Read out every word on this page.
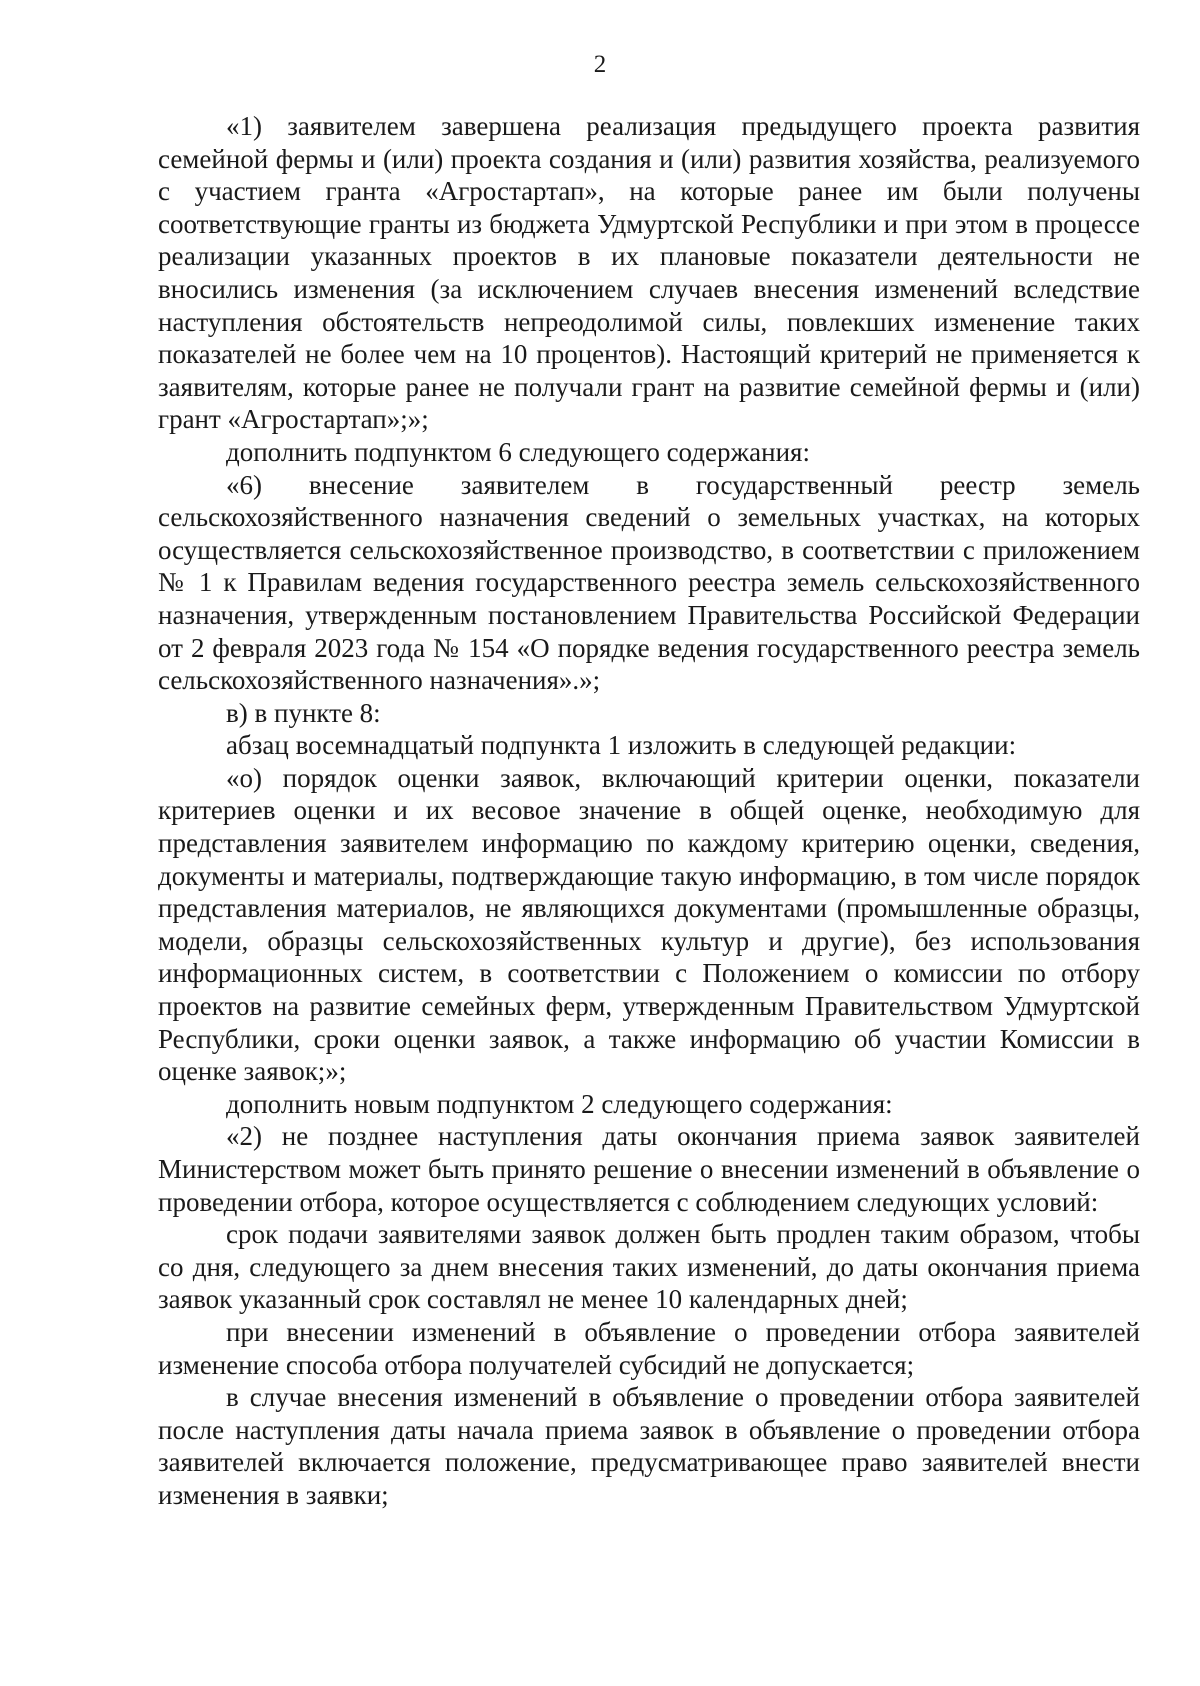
2

«1) заявителем завершена реализация предыдущего проекта развития семейной фермы и (или) проекта создания и (или) развития хозяйства, реализуемого с участием гранта «Агростартап», на которые ранее им были получены соответствующие гранты из бюджета Удмуртской Республики и при этом в процессе реализации указанных проектов в их плановые показатели деятельности не вносились изменения (за исключением случаев внесения изменений вследствие наступления обстоятельств непреодолимой силы, повлекших изменение таких показателей не более чем на 10 процентов). Настоящий критерий не применяется к заявителям, которые ранее не получали грант на развитие семейной фермы и (или) грант «Агростартап»;»;

дополнить подпунктом 6 следующего содержания:

«6) внесение заявителем в государственный реестр земель сельскохозяйственного назначения сведений о земельных участках, на которых осуществляется сельскохозяйственное производство, в соответствии с приложением № 1 к Правилам ведения государственного реестра земель сельскохозяйственного назначения, утвержденным постановлением Правительства Российской Федерации от 2 февраля 2023 года № 154 «О порядке ведения государственного реестра земель сельскохозяйственного назначения».»;

в) в пункте 8:

абзац восемнадцатый подпункта 1 изложить в следующей редакции:

«о) порядок оценки заявок, включающий критерии оценки, показатели критериев оценки и их весовое значение в общей оценке, необходимую для представления заявителем информацию по каждому критерию оценки, сведения, документы и материалы, подтверждающие такую информацию, в том числе порядок представления материалов, не являющихся документами (промышленные образцы, модели, образцы сельскохозяйственных культур и другие), без использования информационных систем, в соответствии с Положением о комиссии по отбору проектов на развитие семейных ферм, утвержденным Правительством Удмуртской Республики, сроки оценки заявок, а также информацию об участии Комиссии в оценке заявок;»;

дополнить новым подпунктом 2 следующего содержания:

«2) не позднее наступления даты окончания приема заявок заявителей Министерством может быть принято решение о внесении изменений в объявление о проведении отбора, которое осуществляется с соблюдением следующих условий:

срок подачи заявителями заявок должен быть продлен таким образом, чтобы со дня, следующего за днем внесения таких изменений, до даты окончания приема заявок указанный срок составлял не менее 10 календарных дней;

при внесении изменений в объявление о проведении отбора заявителей изменение способа отбора получателей субсидий не допускается;

в случае внесения изменений в объявление о проведении отбора заявителей после наступления даты начала приема заявок в объявление о проведении отбора заявителей включается положение, предусматривающее право заявителей внести изменения в заявки;
